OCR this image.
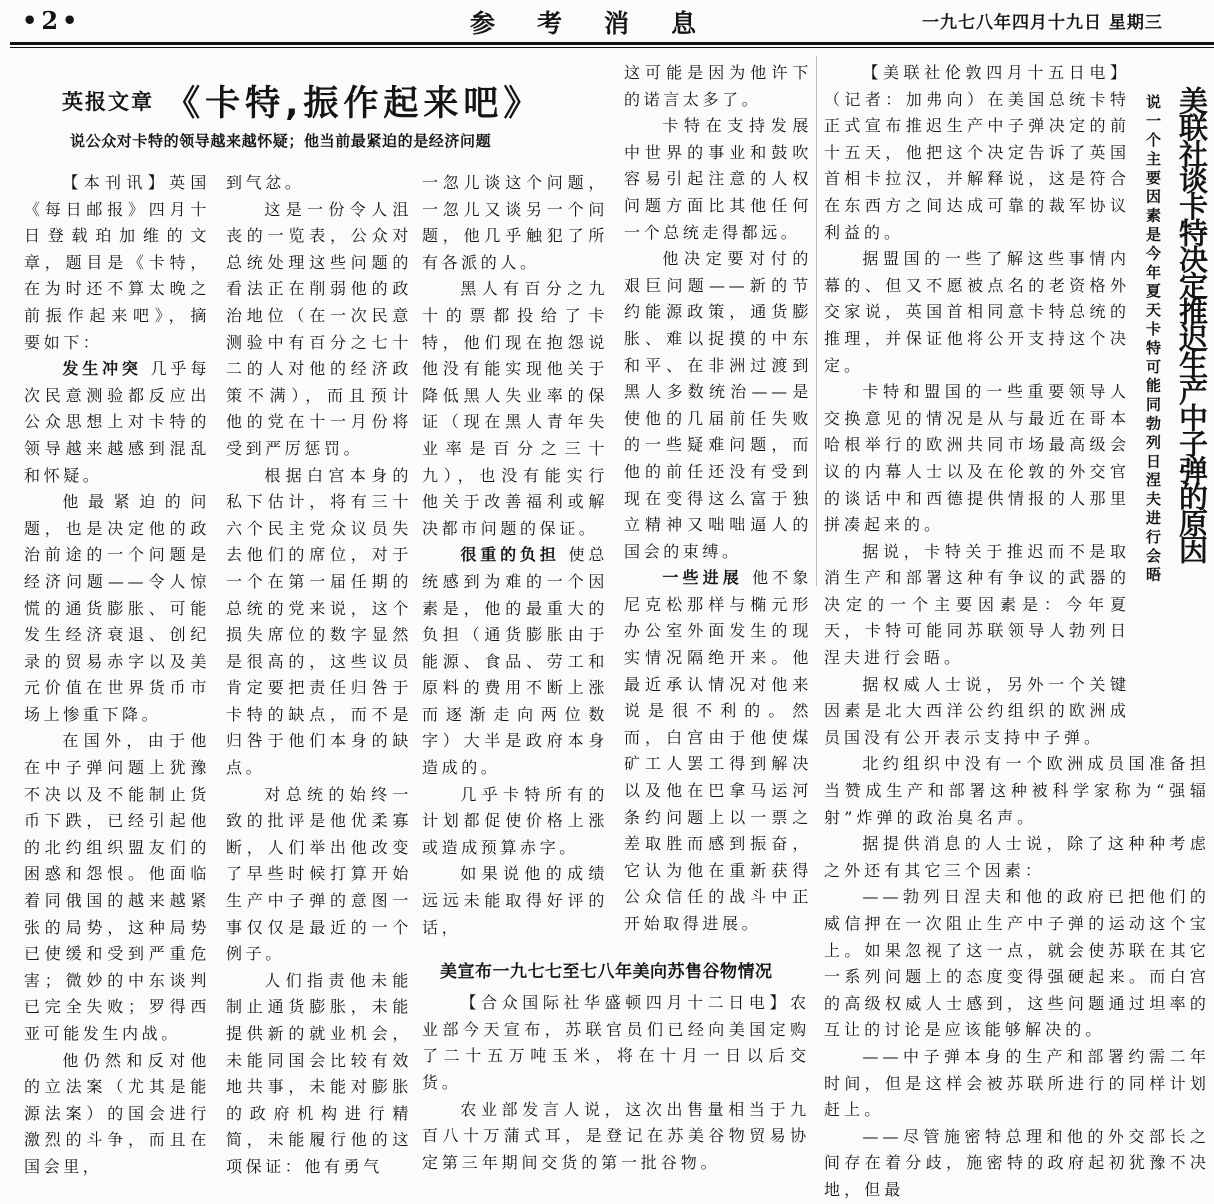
•2•	参考消息	一九七八年四月十九日 星期三
英报文章 《卡特,振作起来吧》
说公众对卡特的领导越来越怀疑；他当前最紧迫的是经济问题

【本刊讯】英国《每日邮报》四月十日登载珀加维的文章，题目是《卡特，在为时还不算太晚之前振作起来吧》，摘要如下：

发生冲突 几乎每次民意测验都反应出公众思想上对卡特的领导越来越感到混乱和怀疑。

他最紧迫的问题，也是决定他的政治前途的一个问题是经济问题——令人惊慌的通货膨胀、可能发生经济衰退、创纪录的贸易赤字以及美元价值在世界货币市场上惨重下降。

在国外，由于他在中子弹问题上犹豫不决以及不能制止货币下跌，已经引起他的北约组织盟友们的困惑和怨恨。他面临着同俄国的越来越紧张的局势，这种局势已使缓和受到严重危害；微妙的中东谈判已完全失败；罗得西亚可能发生内战。

他仍然和反对他的立法案（尤其是能源法案）的国会进行激烈的斗争，而且在国会里，

到气忿。

这是一份令人沮丧的一览表，公众对总统处理这些问题的看法正在削弱他的政治地位（在一次民意测验中有百分之七十二的人对他的经济政策不满），而且预计他的党在十一月份将受到严厉惩罚。

根据白宫本身的私下估计，将有三十六个民主党众议员失去他们的席位，对于一个在第一届任期的总统的党来说，这个损失席位的数字显然是很高的，这些议员肯定要把责任归咎于卡特的缺点，而不是归咎于他们本身的缺点。

对总统的始终一致的批评是他优柔寡断，人们举出他改变了早些时候打算开始生产中子弹的意图一事仅仅是最近的一个例子。

人们指责他未能制止通货膨胀，未能提供新的就业机会，未能同国会比较有效地共事，未能对膨胀的政府机构进行精简，未能履行他的这项保证：他有勇气

一忽儿谈这个问题，一忽儿又谈另一个问题，他几乎触犯了所有各派的人。

黑人有百分之九十的票都投给了卡特，他们现在抱怨说他没有能实现他关于降低黑人失业率的保证（现在黑人青年失业率是百分之三十九），也没有能实行他关于改善福利或解决都市问题的保证。

很重的负担 使总统感到为难的一个因素是，他的最重大的负担（通货膨胀由于能源、食品、劳工和原料的费用不断上涨而逐渐走向两位数字）大半是政府本身造成的。

几乎卡特所有的计划都促使价格上涨或造成预算赤字。

如果说他的成绩远远未能取得好评的话，

这可能是因为他许下的诺言太多了。

卡特在支持发展中世界的事业和鼓吹容易引起注意的人权问题方面比其他任何一个总统走得都远。

他决定要对付的艰巨问题——新的节约能源政策，通货膨胀、难以捉摸的中东和平、在非洲过渡到黑人多数统治——是使他的几届前任失败的一些疑难问题，而他的前任还没有受到现在变得这么富于独立精神又咄咄逼人的国会的束缚。

一些进展 他不象尼克松那样与椭元形办公室外面发生的现实情况隔绝开来。他最近承认情况对他来说是很不利的。然而，白宫由于他使煤矿工人罢工得到解决以及他在巴拿马运河条约问题上以一票之差取胜而感到振奋，它认为他在重新获得公众信任的战斗中正开始取得进展。

美宣布一九七七至七八年美向苏售谷物情况

【合众国际社华盛顿四月十二日电】农业部今天宣布，苏联官员们已经向美国定购了二十五万吨玉米，将在十月一日以后交货。

农业部发言人说，这次出售量相当于九百八十万蒲式耳，是登记在苏美谷物贸易协定第三年期间交货的第一批谷物。

美联社谈卡特决定推迟生产中子弹的原因
说一个主要因素是今年夏天卡特可能同勃列日涅夫进行会晤

【美联社伦敦四月十五日电】（记者：加弗向）在美国总统卡特正式宣布推迟生产中子弹决定的前十五天，他把这个决定告诉了英国首相卡拉汉，并解释说，这是符合在东西方之间达成可靠的裁军协议利益的。

据盟国的一些了解这些事情内幕的、但又不愿被点名的老资格外交家说，英国首相同意卡特总统的推理，并保证他将公开支持这个决定。

卡特和盟国的一些重要领导人交换意见的情况是从与最近在哥本哈根举行的欧洲共同市场最高级会议的内幕人士以及在伦敦的外交官的谈话中和西德提供情报的人那里拼凑起来的。

据说，卡特关于推迟而不是取消生产和部署这种有争议的武器的决定的一个主要因素是：今年夏天，卡特可能同苏联领导人勃列日涅夫进行会晤。

据权威人士说，另外一个关键因素是北大西洋公约组织的欧洲成员国没有公开表示支持中子弹。

北约组织中没有一个欧洲成员国准备担当赞成生产和部署这种被科学家称为“强辐射”炸弹的政治臭名声。

据提供消息的人士说，除了这种种考虑之外还有其它三个因素：

——勃列日涅夫和他的政府已把他们的威信押在一次阻止生产中子弹的运动这个宝上。如果忽视了这一点，就会使苏联在其它一系列问题上的态度变得强硬起来。而白宫的高级权威人士感到，这些问题通过坦率的互让的讨论是应该能够解决的。

——中子弹本身的生产和部署约需二年时间，但是这样会被苏联所进行的同样计划赶上。

——尽管施密特总理和他的外交部长之间存在着分歧，施密特的政府起初犹豫不决地，但最
